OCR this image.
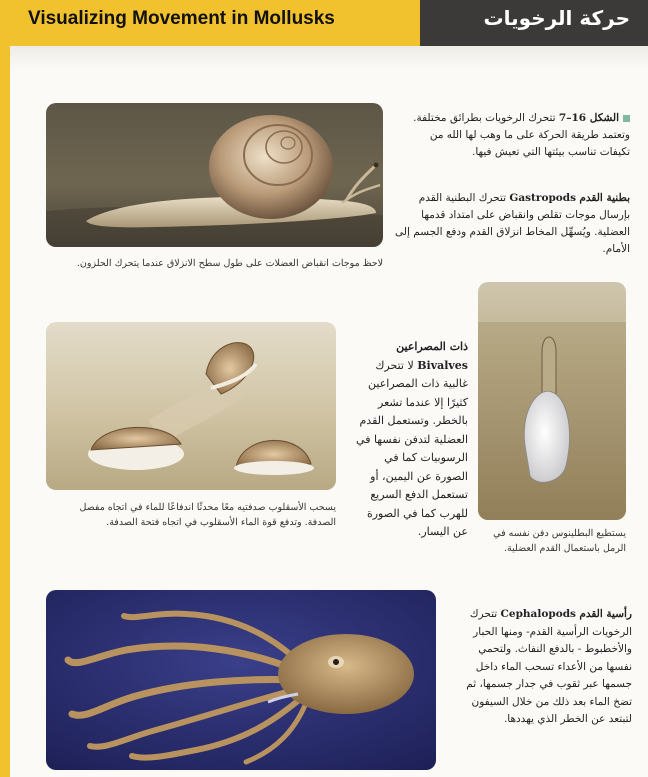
Visualizing Movement in Mollusks	حركة الرخويات
الشكل 16–7 تتحرك الرخويات بطرائق مختلفة. وتعتمد طريقة الحركة على ما وهب لها الله من تكيفات تناسب بيئتها التي تعيش فيها.
بطنية القدم Gastropods تتحرك البطنية القدم بإرسال موجات تقلص وانقباض على امتداد قدمها العضلية. ويُسهِّل المخاط انزلاق القدم ودفع الجسم إلى الأمام.
لاحظ موجات انقباض العضلات على طول سطح الانزلاق عندما يتحرك الحلزون.
ذات المصراعين Bivalves لا تتحرك غالبية ذات المصراعين كثيرًا إلا عندما تشعر بالخطر. وتستعمل القدم العضلية لتدفن نفسها في الرسوبيات كما في الصورة عن اليمين، أو تستعمل الدفع السريع للهرب كما في الصورة عن اليسار.
يسحب الأسقلوب صدفتيه معًا محدثًا اندفاعًا للماء في اتجاه مفصل الصدفة. وتدفع قوة الماء الأسقلوب في اتجاه فتحة الصدفة.
يستطيع البطلينوس دفن نفسه في الرمل باستعمال القدم العضلية.
رأسية القدم Cephalopods تتحرك الرخويات الرأسية القدم- ومنها الحبار والأخطبوط - بالدفع النفاث. ولتحمي نفسها من الأعداء تسحب الماء داخل جسمها عبر ثقوب في جدار جسمها، ثم تضخ الماء بعد ذلك من خلال السيفون لتبتعد عن الخطر الذي يهددها.
